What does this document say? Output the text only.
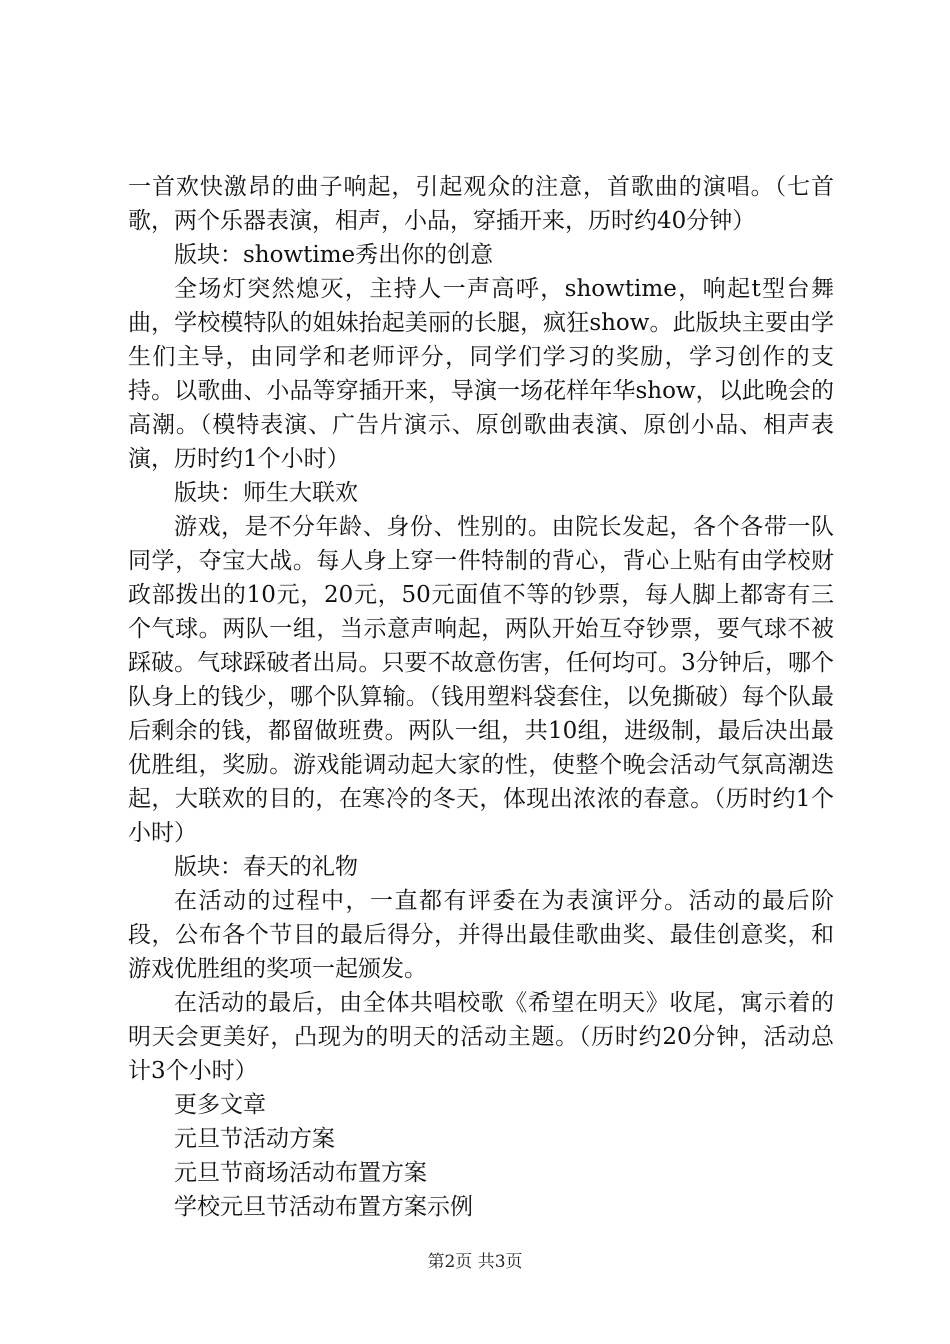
一首欢快激昂的曲子响起，引起观众的注意，首歌曲的演唱。（七首歌，两个乐器表演，相声，小品，穿插开来，历时约40分钟）

版块：showtime秀出你的创意

全场灯突然熄灭，主持人一声高呼，showtime，响起t型台舞曲，学校模特队的姐妹抬起美丽的长腿，疯狂show。此版块主要由学生们主导，由同学和老师评分，同学们学习的奖励，学习创作的支持。以歌曲、小品等穿插开来，导演一场花样年华show，以此晚会的高潮。（模特表演、广告片演示、原创歌曲表演、原创小品、相声表演，历时约1个小时）

版块：师生大联欢

游戏，是不分年龄、身份、性别的。由院长发起，各个各带一队同学，夺宝大战。每人身上穿一件特制的背心，背心上贴有由学校财政部拨出的10元，20元，50元面值不等的钞票，每人脚上都寄有三个气球。两队一组，当示意声响起，两队开始互夺钞票，要气球不被踩破。气球踩破者出局。只要不故意伤害，任何均可。3分钟后，哪个队身上的钱少，哪个队算输。（钱用塑料袋套住，以免撕破）每个队最后剩余的钱，都留做班费。两队一组，共10组，进级制，最后决出最优胜组，奖励。游戏能调动起大家的性，使整个晚会活动气氛高潮迭起，大联欢的目的，在寒冷的冬天，体现出浓浓的春意。（历时约1个小时）

版块：春天的礼物

在活动的过程中，一直都有评委在为表演评分。活动的最后阶段，公布各个节目的最后得分，并得出最佳歌曲奖、最佳创意奖，和游戏优胜组的奖项一起颁发。

在活动的最后，由全体共唱校歌《希望在明天》收尾，寓示着的明天会更美好，凸现为的明天的活动主题。（历时约20分钟，活动总计3个小时）

更多文章

元旦节活动方案

元旦节商场活动布置方案

学校元旦节活动布置方案示例

第2页 共3页
